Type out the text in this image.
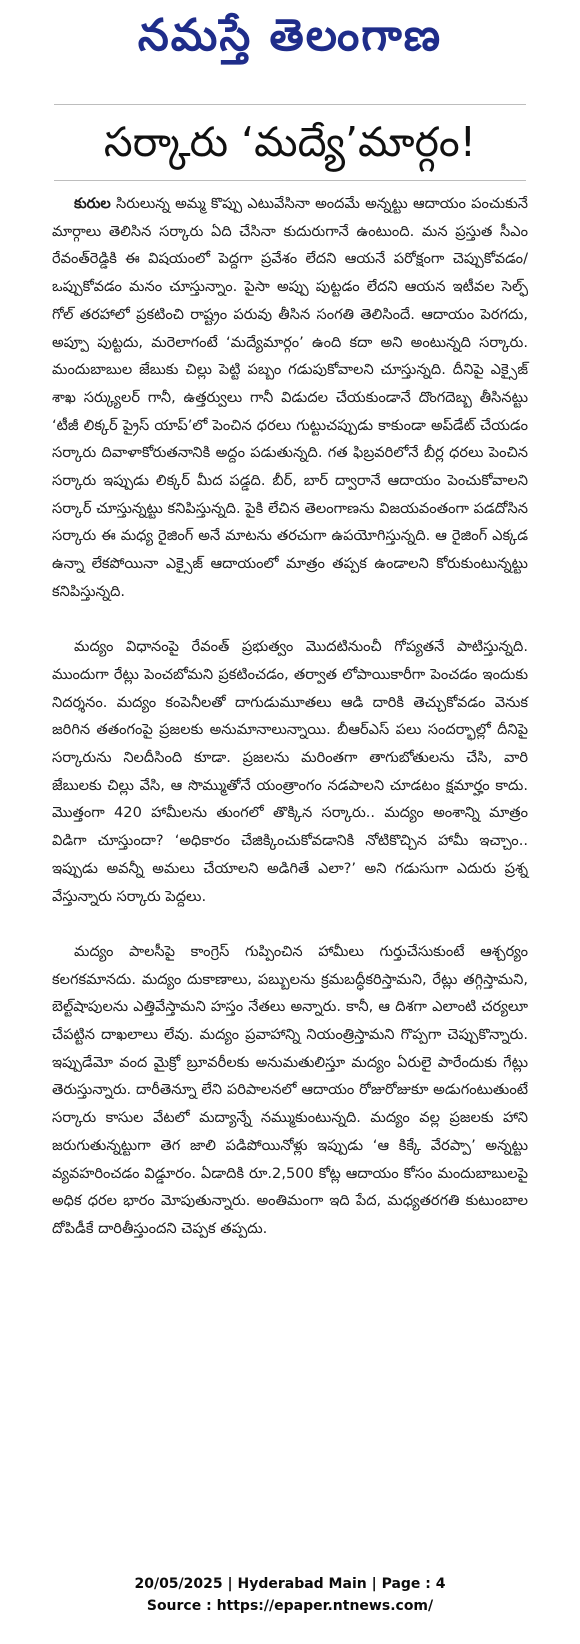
నమస్తే తెలంగాణ
సర్కారు ‘మద్యే’మార్గం!

కురుల సిరులున్న అమ్మ కొప్పు ఎటువేసినా అందమే అన్నట్టు ఆదాయం పంచుకునే మార్గాలు తెలిసిన సర్కారు ఏది చేసినా కుదురుగానే ఉంటుంది. మన ప్రస్తుత సీఎం రేవంత్‌రెడ్డికి ఈ విషయంలో పెద్దగా ప్రవేశం లేదని ఆయనే పరోక్షంగా చెప్పుకోవడం/ఒప్పుకోవడం మనం చూస్తున్నాం. పైసా అప్పు పుట్టడం లేదని ఆయన ఇటీవల సెల్ఫ్ గోల్ తరహాలో ప్రకటించి రాష్ట్రం పరువు తీసిన సంగతి తెలిసిందే. ఆదాయం పెరగదు, అప్పూ పుట్టదు, మరెలాగంటే ‘మద్యేమార్గం’ ఉంది కదా అని అంటున్నది సర్కారు. మందుబాబుల జేబుకు చిల్లు పెట్టి పబ్బం గడుపుకోవాలని చూస్తున్నది. దీనిపై ఎక్సైజ్ శాఖ సర్క్యులర్ గానీ, ఉత్తర్వులు గానీ విడుదల చేయకుండానే దొంగదెబ్బ తీసినట్టు ‘టీజీ లిక్కర్ ప్రైస్ యాప్’లో పెంచిన ధరలు గుట్టుచప్పుడు కాకుండా అప్‌డేట్ చేయడం సర్కారు దివాళాకోరుతనానికి అద్దం పడుతున్నది. గత ఫిబ్రవరిలోనే బీర్ల ధరలు పెంచిన సర్కారు ఇప్పుడు లిక్కర్ మీద పడ్డది. బీర్, బార్ ద్వారానే ఆదాయం పెంచుకోవాలని సర్కార్ చూస్తున్నట్టు కనిపిస్తున్నది. పైకి లేచిన తెలంగాణను విజయవంతంగా పడదోసిన సర్కారు ఈ మధ్య రైజింగ్ అనే మాటను తరచుగా ఉపయోగిస్తున్నది. ఆ రైజింగ్ ఎక్కడ ఉన్నా లేకపోయినా ఎక్సైజ్ ఆదాయంలో మాత్రం తప్పక ఉండాలని కోరుకుంటున్నట్టు కనిపిస్తున్నది.

మద్యం విధానంపై రేవంత్ ప్రభుత్వం మొదటినుంచీ గోప్యతనే పాటిస్తున్నది. ముందుగా రేట్లు పెంచబోమని ప్రకటించడం, తర్వాత లోపాయికారీగా పెంచడం ఇందుకు నిదర్శనం. మద్యం కంపెనీలతో దాగుడుమూతలు ఆడి దారికి తెచ్చుకోవడం వెనుక జరిగిన తతంగంపై ప్రజలకు అనుమానాలున్నాయి. బీఆర్‌ఎస్ పలు సందర్భాల్లో దీనిపై సర్కారును నిలదీసింది కూడా. ప్రజలను మరింతగా తాగుబోతులను చేసి, వారి జేబులకు చిల్లు వేసి, ఆ సొమ్ముతోనే యంత్రాంగం నడపాలని చూడటం క్షమార్హం కాదు. మొత్తంగా 420 హామీలను తుంగలో తొక్కిన సర్కారు.. మద్యం అంశాన్ని మాత్రం విడిగా చూస్తుందా? ‘అధికారం చేజిక్కించుకోవడానికి నోటికొచ్చిన హామీ ఇచ్చాం.. ఇప్పుడు అవన్నీ అమలు చేయాలని అడిగితే ఎలా?’ అని గడుసుగా ఎదురు ప్రశ్న వేస్తున్నారు సర్కారు పెద్దలు.

మద్యం పాలసీపై కాంగ్రెస్ గుప్పించిన హామీలు గుర్తుచేసుకుంటే ఆశ్చర్యం కలగకమానదు. మద్యం దుకాణాలు, పబ్బులను క్రమబద్ధీకరిస్తామని, రేట్లు తగ్గిస్తామని, బెల్ట్‌షాపులను ఎత్తివేస్తామని హస్తం నేతలు అన్నారు. కానీ, ఆ దిశగా ఎలాంటి చర్యలూ చేపట్టిన దాఖలాలు లేవు. మద్యం ప్రవాహాన్ని నియంత్రిస్తామని గొప్పగా చెప్పుకొన్నారు. ఇప్పుడేమో వంద మైక్రో బ్రూవరీలకు అనుమతులిస్తూ మద్యం ఏరులై పారేందుకు గేట్లు తెరుస్తున్నారు. దారీతెన్నూ లేని పరిపాలనలో ఆదాయం రోజురోజుకూ అడుగంటుతుంటే సర్కారు కాసుల వేటలో మద్యాన్నే నమ్ముకుంటున్నది. మద్యం వల్ల ప్రజలకు హాని జరుగుతున్నట్టుగా తెగ జాలి పడిపోయినోళ్లు ఇప్పుడు ‘ఆ కిక్కే వేరప్పా’ అన్నట్టు వ్యవహరించడం విడ్డూరం. ఏడాదికి రూ.2,500 కోట్ల ఆదాయం కోసం మందుబాబులపై అధిక ధరల భారం మోపుతున్నారు. అంతిమంగా ఇది పేద, మధ్యతరగతి కుటుంబాల దోపిడీకే దారితీస్తుందని చెప్పక తప్పదు.

20/05/2025 | Hyderabad Main | Page : 4
Source : https://epaper.ntnews.com/
